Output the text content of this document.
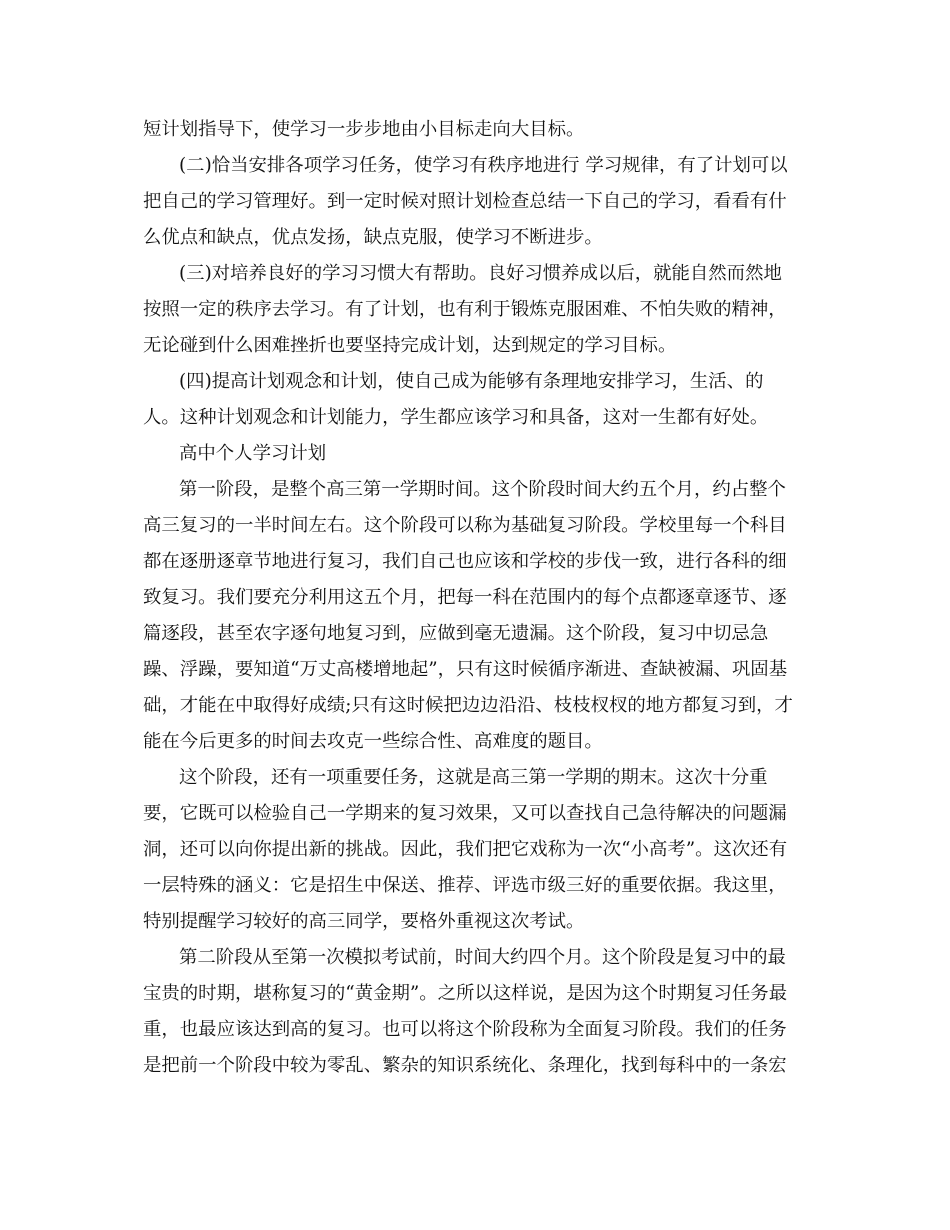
短计划指导下，使学习一步步地由小目标走向大目标。
(二)恰当安排各项学习任务，使学习有秩序地进行 学习规律，有了计划可以
把自己的学习管理好。到一定时候对照计划检查总结一下自己的学习，看看有什
么优点和缺点，优点发扬，缺点克服，使学习不断进步。
(三)对培养良好的学习习惯大有帮助。良好习惯养成以后，就能自然而然地
按照一定的秩序去学习。有了计划，也有利于锻炼克服困难、不怕失败的精神，
无论碰到什么困难挫折也要坚持完成计划，达到规定的学习目标。
(四)提高计划观念和计划，使自己成为能够有条理地安排学习，生活、的
人。这种计划观念和计划能力，学生都应该学习和具备，这对一生都有好处。
高中个人学习计划
第一阶段，是整个高三第一学期时间。这个阶段时间大约五个月，约占整个
高三复习的一半时间左右。这个阶段可以称为基础复习阶段。学校里每一个科目
都在逐册逐章节地进行复习，我们自己也应该和学校的步伐一致，进行各科的细
致复习。我们要充分利用这五个月，把每一科在范围内的每个点都逐章逐节、逐
篇逐段，甚至农字逐句地复习到，应做到毫无遗漏。这个阶段，复习中切忌急
躁、浮躁，要知道“万丈高楼增地起”，只有这时候循序渐进、查缺被漏、巩固基
础，才能在中取得好成绩;只有这时候把边边沿沿、枝枝杈杈的地方都复习到，才
能在今后更多的时间去攻克一些综合性、高难度的题目。
这个阶段，还有一项重要任务，这就是高三第一学期的期末。这次十分重
要，它既可以检验自己一学期来的复习效果，又可以查找自己急待解决的问题漏
洞，还可以向你提出新的挑战。因此，我们把它戏称为一次“小高考”。这次还有
一层特殊的涵义：它是招生中保送、推荐、评选市级三好的重要依据。我这里，
特别提醒学习较好的高三同学，要格外重视这次考试。
第二阶段从至第一次模拟考试前，时间大约四个月。这个阶段是复习中的最
宝贵的时期，堪称复习的“黄金期”。之所以这样说，是因为这个时期复习任务最
重，也最应该达到高的复习。也可以将这个阶段称为全面复习阶段。我们的任务
是把前一个阶段中较为零乱、繁杂的知识系统化、条理化，找到每科中的一条宏
